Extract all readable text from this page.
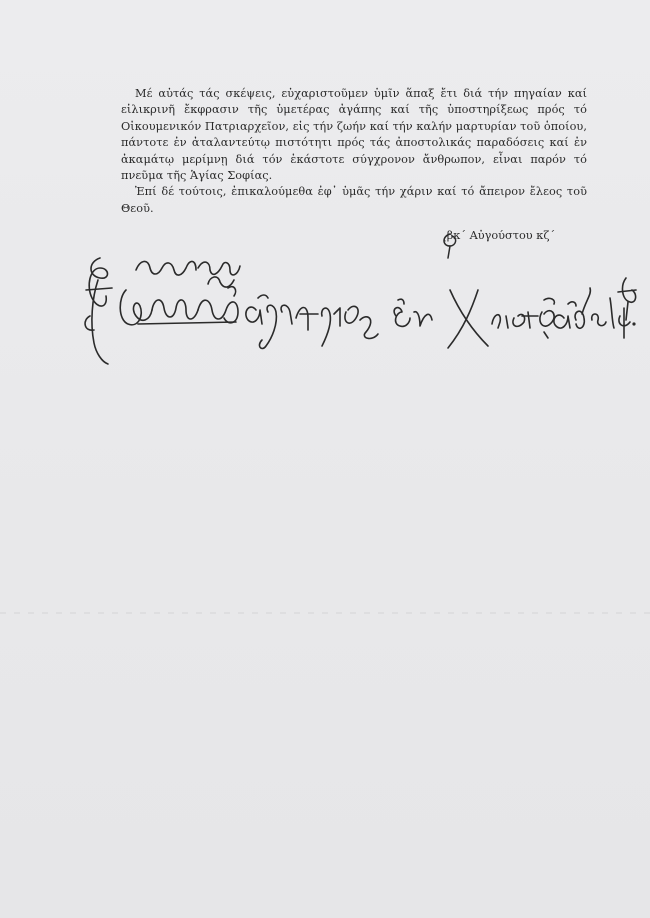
Μέ αὐτάς τάς σκέψεις, εὐχαριστοῦμεν ὑμῖν ἅπαξ ἔτι διά τήν πηγαίαν καί εἰλικρινῆ ἔκφρασιν τῆς ὑμετέρας ἀγάπης καί τῆς ὑποστηρίξεως πρός τό Οἰκουμενικόν Πατριαρχεῖον, εἰς τήν ζωήν καί τήν καλήν μαρτυρίαν τοῦ ὁποίου, πάντοτε ἐν ἀταλαντεύτῳ πιστότητι πρός τάς ἀποστολικάς παραδόσεις καί ἐν ἀκαμάτῳ μερίμνῃ διά τόν ἑκάστοτε σύγχρονον ἄνθρωπον, εἶναι παρόν τό πνεῦμα τῆς Ἁγίας Σοφίας.

Ἐπί δέ τούτοις, ἐπικαλούμεθα ἐφ᾽ ὑμᾶς τήν χάριν καί τό ἄπειρον ἔλεος τοῦ Θεοῦ.

ˏβκ΄ Αὐγούστου κζ΄
